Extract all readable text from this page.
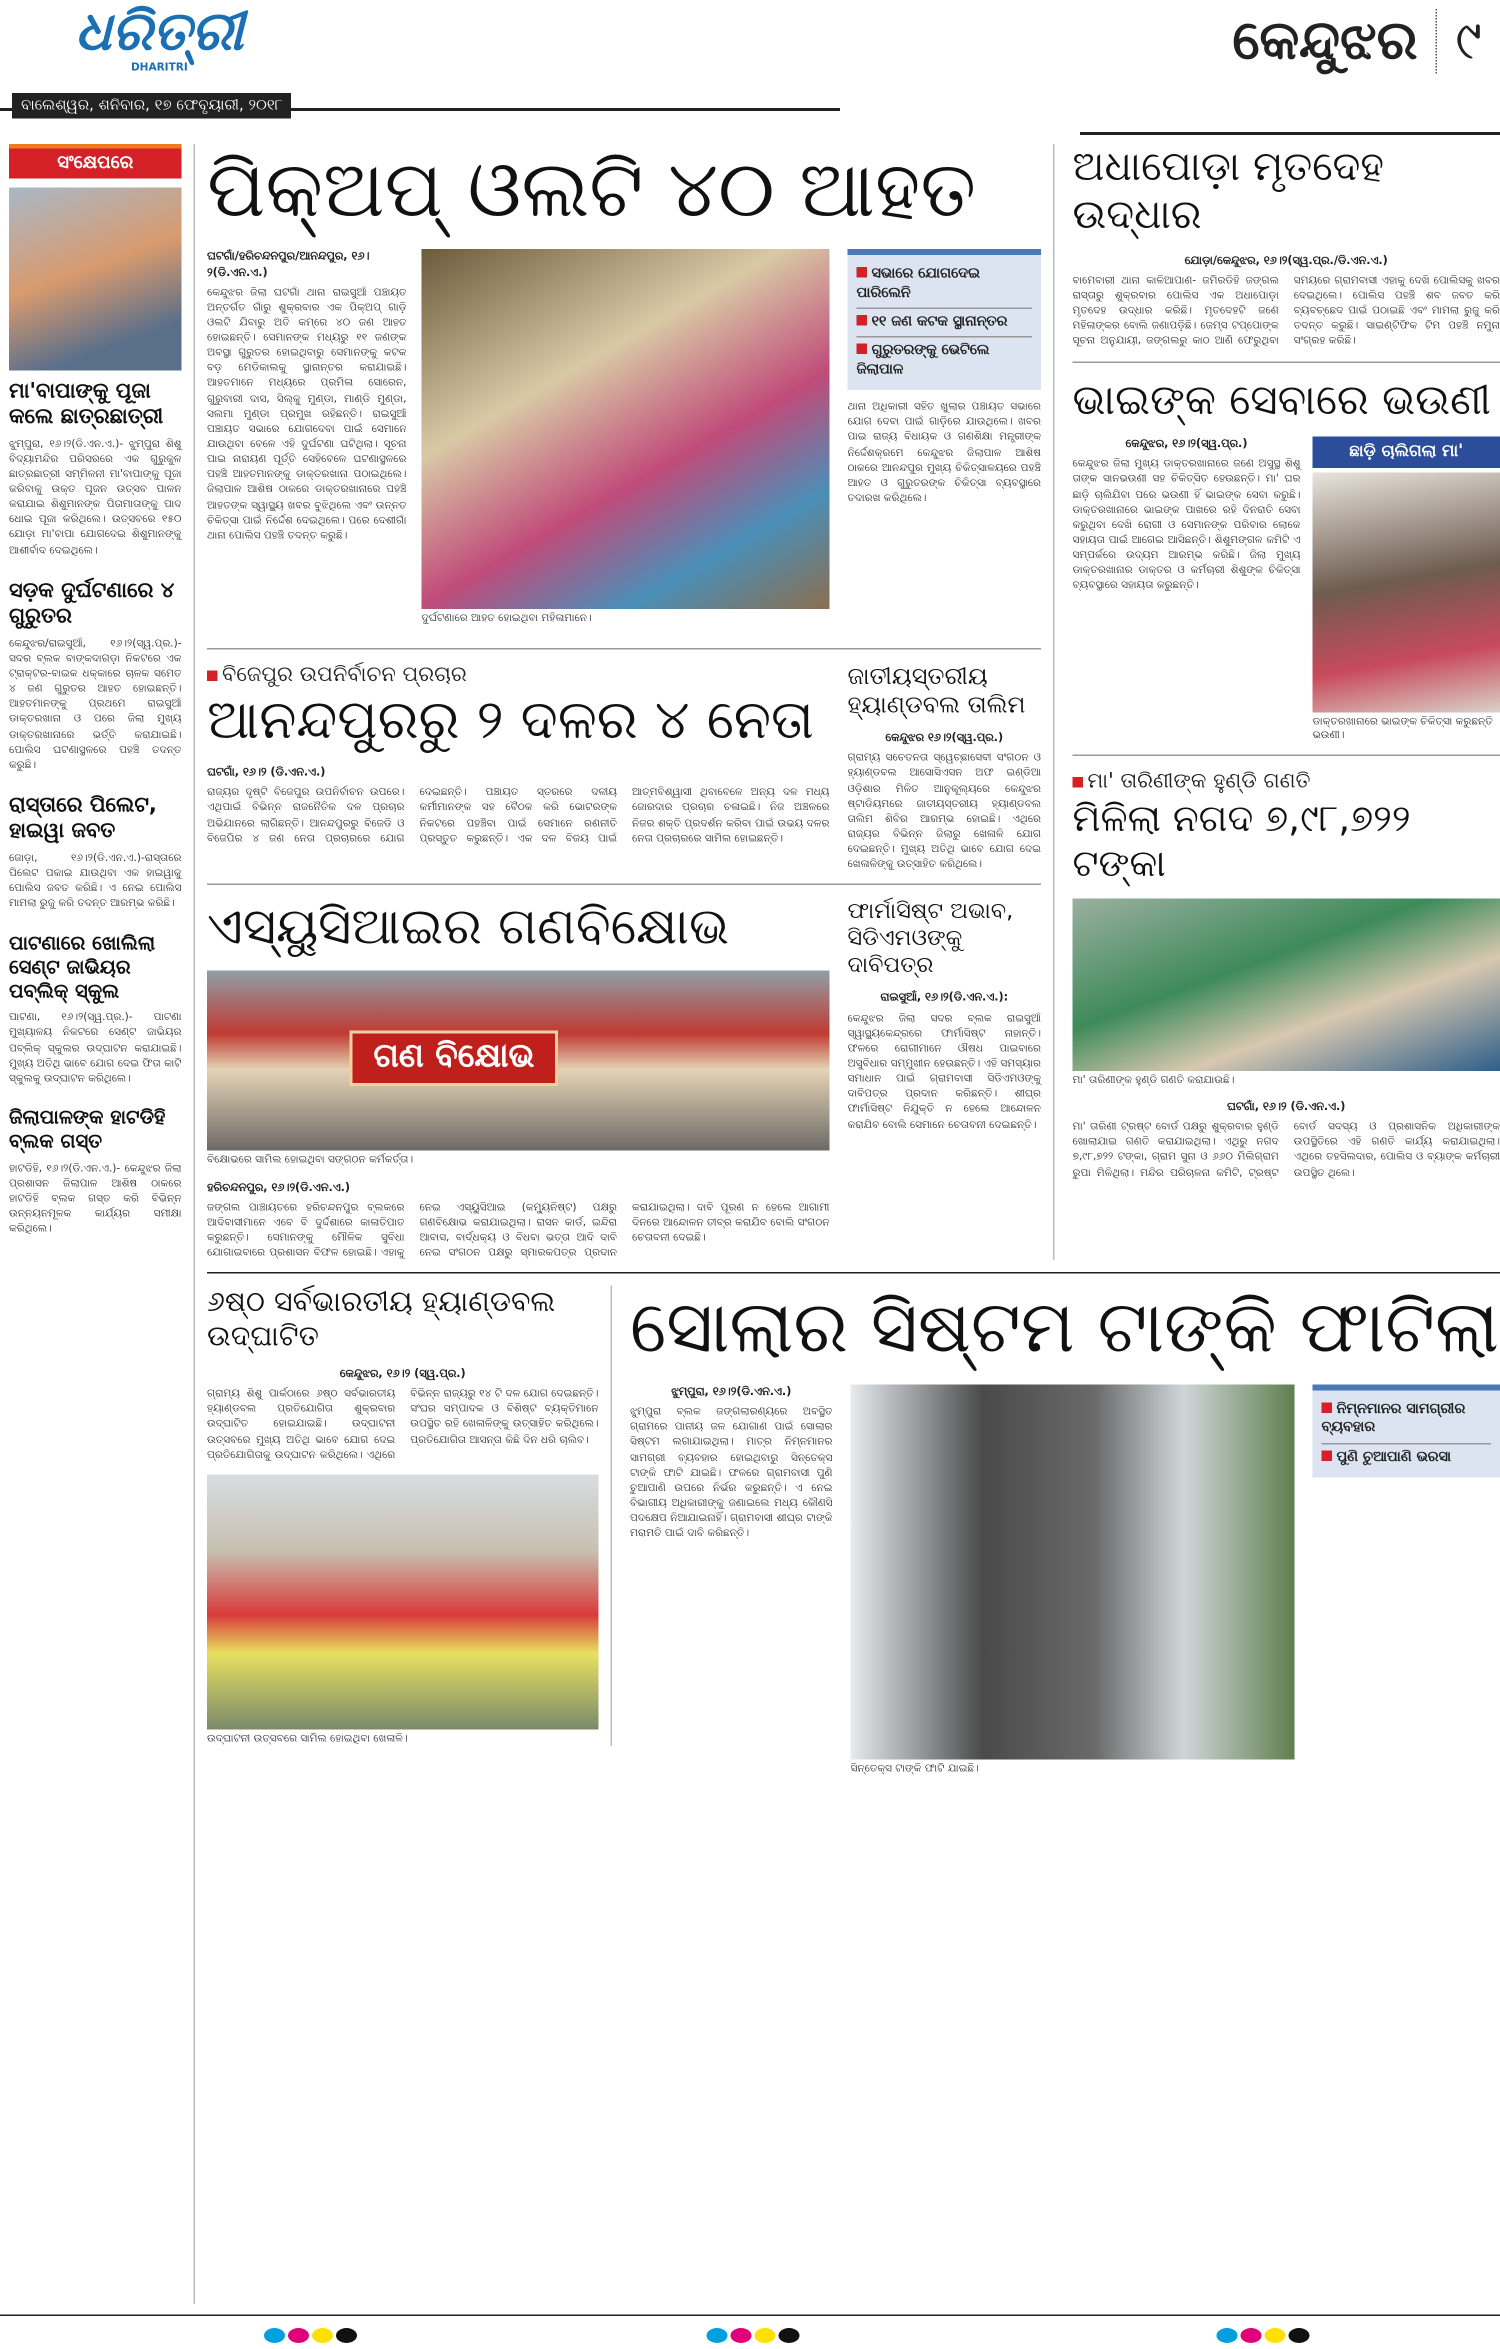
ଧରିତ୍ରୀ
DHARITRI
ବାଲେଶ୍ୱର, ଶନିବାର, ୧୭ ଫେବୃୟାରୀ, ୨୦୧୮
କେନ୍ଦୁଝର	୯
ସଂକ୍ଷେପରେ
ମା'ବାପାଙ୍କୁ ପୂଜା କଲେ ଛାତ୍ରଛାତ୍ରୀ
ଝୁମ୍ପୁରା, ୧୬।୨(ଡି.ଏନ.ଏ.)- ଝୁମ୍ପୁରା ଶିଶୁ ବିଦ୍ୟାମନ୍ଦିର ପରିସରରେ ଏକ ଗୁରୁକୁଳ ଛାତ୍ରଛାତ୍ରୀ ସମ୍ମିଳନୀ ମା'ବାପାଙ୍କୁ ପୂଜା କରିବାକୁ ଉକ୍ତ ପୂଜନ ଉତ୍ସବ ପାଳନ କରାଯାଇ ଶିଶୁମାନଙ୍କ ପିତାମାତାଙ୍କୁ ପାଦ ଧୋଇ ପୂଜା କରିଥିଲେ। ଉତ୍ସବରେ ୧୫୦ ଯୋଡ଼ା ମା'ବାପା ଯୋଗଦେଇ ଶିଶୁମାନଙ୍କୁ ଆଶୀର୍ବାଦ ଦେଇଥିଲେ।
ସଡ଼କ ଦୁର୍ଘଟଣାରେ ୪ ଗୁରୁତର
କେନ୍ଦୁଝର/ରାଇସୁଆଁ, ୧୬।୨(ସ୍ୱ.ପ୍ର.)- ସଦର ବ୍ଲକ ବାଙ୍କଦାଗଡ଼ା ନିକଟରେ ଏକ ଟ୍ରାକ୍ଟର-ବାଇକ ଧକ୍କାରେ ଚାଳକ ସମେତ ୪ ଜଣ ଗୁରୁତର ଆହତ ହୋଇଛନ୍ତି। ଆହତମାନଙ୍କୁ ପ୍ରଥମେ ରାଇସୁଆଁ ଡାକ୍ତରଖାନା ଓ ପରେ ଜିଲା ମୁଖ୍ୟ ଡାକ୍ତରଖାନାରେ ଭର୍ତ୍ତି କରାଯାଇଛି। ପୋଲିସ ଘଟଣାସ୍ଥଳରେ ପହଞ୍ଚି ତଦନ୍ତ କରୁଛି।
ରାସ୍ତାରେ ପିଲେଟ, ହାଇୱା ଜବତ
ଜୋଡ଼ା, ୧୬।୨(ଡି.ଏନ.ଏ.)-ରାସ୍ତାରେ ପିଲେଟ ପକାଇ ଯାଉଥିବା ଏକ ହାଇୱାକୁ ପୋଲିସ ଜବତ କରିଛି। ଏ ନେଇ ପୋଲିସ ମାମଲା ରୁଜୁ କରି ତଦନ୍ତ ଆରମ୍ଭ କରିଛି।
ପାଟଣାରେ ଖୋଲିଲା ସେଣ୍ଟ ଜାଭିୟର ପବ୍ଲିକ୍ ସ୍କୁଲ
ପାଟଣା, ୧୬।୨(ସ୍ୱ.ପ୍ର.)- ପାଟଣା ମୁଖ୍ୟାଳୟ ନିକଟରେ ସେଣ୍ଟ ଜାଭିୟର ପବ୍ଲିକ୍ ସ୍କୁଲର ଉଦ୍‌ଘାଟନ କରାଯାଇଛି। ମୁଖ୍ୟ ଅତିଥି ଭାବେ ଯୋଗ ଦେଇ ଫିତା କାଟି ସ୍କୁଲକୁ ଉଦ୍‌ଘାଟନ କରିଥିଲେ।
ଜିଲାପାଳଙ୍କ ହାଟଡିହି ବ୍ଲକ ଗସ୍ତ
ହାଟଡିହି, ୧୬।୨(ଡି.ଏନ.ଏ.)- କେନ୍ଦୁଝର ଜିଲା ପ୍ରଶାସନ ଜିଲାପାଳ ଆଶିଷ ଠାକରେ ହାଟଡିହି ବ୍ଲକ ଗସ୍ତ କରି ବିଭିନ୍ନ ଉନ୍ନୟନମୂଳକ କାର୍ଯ୍ୟର ସମୀକ୍ଷା କରିଥିଲେ।
ପିକ୍‌ଅପ୍ ଓଲଟି ୪୦ ଆହତ
ଦୁର୍ଘଟଣାରେ ଆହତ ହୋଇଥିବା ମହିଳାମାନେ।
ଘଟଗାଁ/ହରିଚନ୍ଦନପୁର/ଆନନ୍ଦପୁର, ୧୬।୨(ଡି.ଏନ.ଏ.)
କେନ୍ଦୁଝର ଜିଲା ଘଟଗାଁ ଥାନା ରାଇସୁଆଁ ପଞ୍ଚାୟତ ଅନ୍ତର୍ଗତ ଗାଁରୁ ଶୁକ୍ରବାର ଏକ ପିକ୍‌ଅପ୍ ଗାଡ଼ି ଓଲଟି ଯିବାରୁ ଅତି କମ୍‌ରେ ୪୦ ଜଣ ଆହତ ହୋଇଛନ୍ତି। ସେମାନଙ୍କ ମଧ୍ୟରୁ ୧୧ ଜଣଙ୍କ ଅବସ୍ଥା ଗୁରୁତର ହୋଇଥିବାରୁ ସେମାନଙ୍କୁ କଟକ ବଡ଼ ମେଡିକାଲକୁ ସ୍ଥାନାନ୍ତର କରାଯାଇଛି। ଆହତମାନେ ମଧ୍ୟରେ ପ୍ରମିଳା ସୋରେନ, ଗୁରୁବାରୀ ଦାସ, ସିଲ୍କୁ ମୁଣ୍ଡା, ମାଣ୍ଡି ମୁଣ୍ଡା, ସଲମା ମୁଣ୍ଡା ପ୍ରମୁଖ ରହିଛନ୍ତି। ରାଇସୁଆଁ ପଞ୍ଚାୟତ ସଭାରେ ଯୋଗଦେବା ପାଇଁ ସେମାନେ ଯାଉଥିବା ବେଳେ ଏହି ଦୁର୍ଘଟଣା ଘଟିଥିଲା। ସୂଚନା ପାଇ ନାରାୟଣ ପୂର୍ତ୍ତି ସେହିବେଳେ ଘଟଣାସ୍ଥଳରେ ପହଞ୍ଚି ଆହତମାନଙ୍କୁ ଡାକ୍ତରଖାନା ପଠାଇଥିଲେ। ଜିଲାପାଳ ଆଶିଷ ଠାକରେ ଡାକ୍ତରଖାନାରେ ପହଞ୍ଚି ଆହତଙ୍କ ସ୍ୱାସ୍ଥ୍ୟ ଖବର ବୁଝିଥିଲେ ଏବଂ ଉନ୍ନତ ଚିକିତ୍ସା ପାଇଁ ନିର୍ଦ୍ଦେଶ ଦେଇଥିଲେ। ପରେ ଦେଶୀଗାଁ ଥାନା ପୋଲିସ ପହଞ୍ଚି ତଦନ୍ତ କରୁଛି।
ସଭାରେ ଯୋଗଦେଇ ପାରିଲେନି
୧୧ ଜଣ କଟକ ସ୍ଥାନାନ୍ତର
ଗୁରୁତରଙ୍କୁ ଭେଟିଲେ ଜିଲାପାଳ
ଥାନା ଅଧିକାରୀ ସହିତ ଖୁଲାର ପଞ୍ଚାୟତ ସଭାରେ ଯୋଗ ଦେବା ପାଇଁ ଗାଡ଼ିରେ ଯାଉଥିଲେ। ଖବର ପାଇ ରାଜ୍ୟ ବିଧାୟକ ଓ ଗଣଶିକ୍ଷା ମନ୍ତ୍ରୀଙ୍କ ନିର୍ଦ୍ଦେଶକ୍ରମେ କେନ୍ଦୁଝର ଜିଲାପାଳ ଆଶିଷ ଠାକରେ ଆନନ୍ଦପୁର ମୁଖ୍ୟ ଚିକିତ୍ସାଳୟରେ ପହଞ୍ଚି ଆହତ ଓ ଗୁରୁତରଙ୍କ ଚିକିତ୍ସା ବ୍ୟବସ୍ଥାରେ ତଦାରଖ କରିଥିଲେ।
ବିଜେପୁର ଉପନିର୍ବାଚନ ପ୍ରଚାର
ଆନନ୍ଦପୁରରୁ ୨ ଦଳର ୪ ନେତା
ଘଟଗାଁ, ୧୬।୨ (ଡି.ଏନ.ଏ.)
ରାଜ୍ୟର ଦୃଷ୍ଟି ବିଜେପୁର ଉପନିର୍ବାଚନ ଉପରେ। ଏଥିପାଇଁ ବିଭିନ୍ନ ରାଜନୈତିକ ଦଳ ପ୍ରଚାର ଅଭିଯାନରେ ଲାଗିଛନ୍ତି। ଆନନ୍ଦପୁରରୁ ବିଜେଡି ଓ ବିଜେପିର ୪ ଜଣ ନେତା ପ୍ରଚାରରେ ଯୋଗ ଦେଇଛନ୍ତି। ପଞ୍ଚାୟତ ସ୍ତରରେ ଦଳୀୟ କର୍ମୀମାନଙ୍କ ସହ ବୈଠକ କରି ଭୋଟରଙ୍କ ନିକଟରେ ପହଞ୍ଚିବା ପାଇଁ ସେମାନେ ରଣନୀତି ପ୍ରସ୍ତୁତ କରୁଛନ୍ତି। ଏକ ଦଳ ବିଜୟ ପାଇଁ ଆତ୍ମବିଶ୍ୱାସୀ ଥିବାବେଳେ ଅନ୍ୟ ଦଳ ମଧ୍ୟ ଜୋରଦାର ପ୍ରଚାର ଚଳାଇଛି। ନିଜ ଅଞ୍ଚଳରେ ନିଜର ଶକ୍ତି ପ୍ରଦର୍ଶନ କରିବା ପାଇଁ ଉଭୟ ଦଳର ନେତା ପ୍ରଚାରରେ ସାମିଲ ହୋଇଛନ୍ତି।
ଜାତୀୟସ୍ତରୀୟ ହ୍ୟାଣ୍ଡବଲ ତାଲିମ
କେନ୍ଦୁଝର ୧୬।୨(ସ୍ୱ.ପ୍ର.)
ଗ୍ରାମ୍ୟ ସଚେତନତା ସ୍ୱେଚ୍ଛାସେବୀ ସଂଗଠନ ଓ ହ୍ୟାଣ୍ଡବଲ ଆସୋସିଏସନ ଅଫ ଇଣ୍ଡିଆ ଓଡ଼ିଶାର ମିଳିତ ଆନୁକୂଲ୍ୟରେ କେନ୍ଦୁଝର ଷ୍ଟାଡିୟମରେ ଜାତୀୟସ୍ତରୀୟ ହ୍ୟାଣ୍ଡବଲ ତାଲିମ ଶିବିର ଆରମ୍ଭ ହୋଇଛି। ଏଥିରେ ରାଜ୍ୟର ବିଭିନ୍ନ ଜିଲାରୁ ଖେଳାଳି ଯୋଗ ଦେଇଛନ୍ତି। ମୁଖ୍ୟ ଅତିଥି ଭାବେ ଯୋଗ ଦେଇ ଖେଳାଳିଙ୍କୁ ଉତ୍ସାହିତ କରିଥିଲେ।
ଏସ୍‌ୟୁସିଆଇର ଗଣବିକ୍ଷୋଭ
ଗଣ ବିକ୍ଷୋଭ
ବିକ୍ଷୋଭରେ ସାମିଲ ହୋଇଥିବା ସଙ୍ଗଠନ କର୍ମକର୍ତ୍ତା।
ହରିଚନ୍ଦନପୁର, ୧୬।୨(ଡି.ଏନ.ଏ.)
ଜଙ୍ଗଲ ପାଞ୍ଚାୟତରେ ହରିଚନ୍ଦନପୁର ବ୍ଲକରେ ଆଦିବାସୀମାନେ ଏବେ ବି ଦୁର୍ଦ୍ଦଶାରେ କାଳାତିପାତ କରୁଛନ୍ତି। ସେମାନଙ୍କୁ ମୌଳିକ ସୁବିଧା ଯୋଗାଇବାରେ ପ୍ରଶାସନ ବିଫଳ ହୋଇଛି। ଏହାକୁ ନେଇ ଏସ୍‌ୟୁସିଆଇ (କମ୍ୟୁନିଷ୍ଟ) ପକ୍ଷରୁ ଗଣବିକ୍ଷୋଭ କରାଯାଇଥିଲା। ରାସନ କାର୍ଡ, ଇନ୍ଦିରା ଆବାସ, ବାର୍ଦ୍ଧକ୍ୟ ଓ ବିଧବା ଭତ୍ତା ଆଦି ଦାବି ନେଇ ସଂଗଠନ ପକ୍ଷରୁ ସ୍ମାରକପତ୍ର ପ୍ରଦାନ କରାଯାଇଥିଲା। ଦାବି ପୂରଣ ନ ହେଲେ ଆଗାମୀ ଦିନରେ ଆନ୍ଦୋଳନ ତୀବ୍ର କରାଯିବ ବୋଲି ସଂଗଠନ ଚେତାବନୀ ଦେଇଛି।
ଫାର୍ମାସିଷ୍ଟ ଅଭାବ, ସିଡିଏମଓଙ୍କୁ ଦାବିପତ୍ର
ରାଇସୁଆଁ, ୧୬।୨(ଡି.ଏନ.ଏ.):
କେନ୍ଦୁଝର ଜିଲା ସଦର ବ୍ଲକ ରାଇସୁଆଁ ସ୍ୱାସ୍ଥ୍ୟକେନ୍ଦ୍ରରେ ଫାର୍ମାସିଷ୍ଟ ନାହାନ୍ତି। ଫଳରେ ରୋଗୀମାନେ ଔଷଧ ପାଇବାରେ ଅସୁବିଧାର ସମ୍ମୁଖୀନ ହେଉଛନ୍ତି। ଏହି ସମସ୍ୟାର ସମାଧାନ ପାଇଁ ଗ୍ରାମବାସୀ ସିଡିଏମଓଙ୍କୁ ଦାବିପତ୍ର ପ୍ରଦାନ କରିଛନ୍ତି। ଶୀଘ୍ର ଫାର୍ମାସିଷ୍ଟ ନିଯୁକ୍ତି ନ ହେଲେ ଆନ୍ଦୋଳନ କରାଯିବ ବୋଲି ସେମାନେ ଚେତାବନୀ ଦେଇଛନ୍ତି।
ଅଧାପୋଡ଼ା ମୃତଦେହ ଉଦ୍ଧାର
ଯୋଡ଼ା/କେନ୍ଦୁଝର, ୧୬।୨(ସ୍ୱ.ପ୍ର./ଡି.ଏନ.ଏ.)
ବାମେବାରୀ ଥାନା କାଳିଆପାଣ- ଜମିରଡିହି ଜଙ୍ଗଲ ରାସ୍ତାରୁ ଶୁକ୍ରବାର ପୋଲିସ ଏକ ଅଧାପୋଡ଼ା ମୃତଦେହ ଉଦ୍ଧାର କରିଛି। ମୃତଦେହଟି ଜଣେ ମହିଳାଙ୍କର ବୋଲି ଜଣାପଡ଼ିଛି। ଜେମ୍ସ ଟପ୍ପୋଙ୍କ ସୂଚନା ଅନୁଯାୟୀ, ଜଙ୍ଗଲରୁ କାଠ ଆଣି ଫେରୁଥିବା ସମୟରେ ଗ୍ରାମବାସୀ ଏହାକୁ ଦେଖି ପୋଲିସକୁ ଖବର ଦେଇଥିଲେ। ପୋଲିସ ପହଞ୍ଚି ଶବ ଜବତ କରି ବ୍ୟବଚ୍ଛେଦ ପାଇଁ ପଠାଇଛି ଏବଂ ମାମଲା ରୁଜୁ କରି ତଦନ୍ତ କରୁଛି। ସାଇଣ୍ଟିଫିକ ଟିମ ପହଞ୍ଚି ନମୁନା ସଂଗ୍ରହ କରିଛି।
ଭାଇଙ୍କ ସେବାରେ ଭଉଣୀ
କେନ୍ଦୁଝର, ୧୬।୨(ସ୍ୱ.ପ୍ର.)
କେନ୍ଦୁଝର ଜିଲା ମୁଖ୍ୟ ଡାକ୍ତରଖାନାରେ ଜଣେ ଅସୁସ୍ଥ ଶିଶୁ ତାଙ୍କ ସାନଭଉଣୀ ସହ ଚିକିତ୍ସିତ ହେଉଛନ୍ତି। ମା' ଘର ଛାଡ଼ି ଚାଲିଯିବା ପରେ ଭଉଣୀ ହିଁ ଭାଇଙ୍କ ସେବା କରୁଛି। ଡାକ୍ତରଖାନାରେ ଭାଇଙ୍କ ପାଖରେ ରହି ଦିନରାତି ସେବା କରୁଥିବା ଦେଖି ରୋଗୀ ଓ ସେମାନଙ୍କ ପରିବାର ଲୋକେ ସହାୟତା ପାଇଁ ଆଗେଇ ଆସିଛନ୍ତି। ଶିଶୁମଙ୍ଗଳ କମିଟି ଏ ସମ୍ପର୍କରେ ଉଦ୍ୟମ ଆରମ୍ଭ କରିଛି। ଜିଲା ମୁଖ୍ୟ ଡାକ୍ତରଖାନାର ଡାକ୍ତର ଓ କର୍ମଚାରୀ ଶିଶୁଙ୍କ ଚିକିତ୍ସା ବ୍ୟବସ୍ଥାରେ ସହାୟତା କରୁଛନ୍ତି।
ଛାଡ଼ି ଚାଲିଗଲା ମା'
ଡାକ୍ତରଖାନାରେ ଭାଇଙ୍କ ଚିକିତ୍ସା କରୁଛନ୍ତି ଭଉଣୀ।
ମା' ତାରିଣୀଙ୍କ ହୁଣ୍ଡି ଗଣତି
ମିଳିଲା ନଗଦ ୭,୯୮,୭୨୨ ଟଙ୍କା
ମା' ତାରିଣୀଙ୍କ ହୁଣ୍ଡି ଗଣତି କରାଯାଉଛି।
ଘଟଗାଁ, ୧୬।୨ (ଡି.ଏନ.ଏ.)
ମା' ତାରିଣୀ ଟ୍ରଷ୍ଟ ବୋର୍ଡ ପକ୍ଷରୁ ଶୁକ୍ରବାର ହୁଣ୍ଡି ଖୋଲାଯାଇ ଗଣତି କରାଯାଇଥିଲା। ଏଥିରୁ ନଗଦ ୭,୯୮,୭୨୨ ଟଙ୍କା, ଗ୍ରାମ ସୁନା ଓ ୬୬୦ ମିଲିଗ୍ରାମ ରୁପା ମିଳିଥିଲା। ମନ୍ଦିର ପରିଚାଳନା କମିଟି, ଟ୍ରଷ୍ଟ ବୋର୍ଡ ସଦସ୍ୟ ଓ ପ୍ରଶାସନିକ ଅଧିକାରୀଙ୍କ ଉପସ୍ଥିତିରେ ଏହି ଗଣତି କାର୍ଯ୍ୟ କରାଯାଇଥିଲା। ଏଥିରେ ତହସିଲଦାର, ପୋଲିସ ଓ ବ୍ୟାଙ୍କ କର୍ମଚାରୀ ଉପସ୍ଥିତ ଥିଲେ।
୬ଷ୍ଠ ସର୍ବଭାରତୀୟ ହ୍ୟାଣ୍ଡବଲ ଉଦ୍‌ଘାଟିତ
କେନ୍ଦୁଝର, ୧୬।୨ (ସ୍ୱ.ପ୍ର.)
ଗ୍ରାମ୍ୟ ଶିଶୁ ପାର୍କଠାରେ ୬ଷ୍ଠ ସର୍ବଭାରତୀୟ ହ୍ୟାଣ୍ଡବଲ ପ୍ରତିଯୋଗିତା ଶୁକ୍ରବାର ଉଦ୍‌ଘାଟିତ ହୋଇଯାଇଛି। ଉଦ୍‌ଘାଟନୀ ଉତ୍ସବରେ ମୁଖ୍ୟ ଅତିଥି ଭାବେ ଯୋଗ ଦେଇ ପ୍ରତିଯୋଗିତାକୁ ଉଦ୍‌ଘାଟନ କରିଥିଲେ। ଏଥିରେ ବିଭିନ୍ନ ରାଜ୍ୟରୁ ୧୪ ଟି ଦଳ ଯୋଗ ଦେଇଛନ୍ତି। ସଂଘର ସମ୍ପାଦକ ଓ ବିଶିଷ୍ଟ ବ୍ୟକ୍ତିମାନେ ଉପସ୍ଥିତ ରହି ଖେଳାଳିଙ୍କୁ ଉତ୍ସାହିତ କରିଥିଲେ। ପ୍ରତିଯୋଗିତା ଆସନ୍ତା କିଛି ଦିନ ଧରି ଚାଲିବ।
ଉଦ୍‌ଘାଟନୀ ଉତ୍ସବରେ ସାମିଲ ହୋଇଥିବା ଖେଳାଳି।
ସୋଲାର ସିଷ୍ଟମ ଟାଙ୍କି ଫାଟିଲା
ଝୁମ୍ପୁରା, ୧୬।୨(ଡି.ଏନ.ଏ.)
ଝୁମ୍ପୁରା ବ୍ଲକ ଜଙ୍ଗଲାରଣ୍ୟରେ ଅବସ୍ଥିତ ଗ୍ରାମରେ ପାନୀୟ ଜଳ ଯୋଗାଣ ପାଇଁ ସୋଲାର ସିଷ୍ଟମ ଲଗାଯାଇଥିଲା। ମାତ୍ର ନିମ୍ନମାନର ସାମଗ୍ରୀ ବ୍ୟବହାର ହୋଇଥିବାରୁ ସିନ୍ତେକ୍ସ ଟାଙ୍କି ଫାଟି ଯାଇଛି। ଫଳରେ ଗ୍ରାମବାସୀ ପୁଣି ଚୁଆପାଣି ଉପରେ ନିର୍ଭର କରୁଛନ୍ତି। ଏ ନେଇ ବିଭାଗୀୟ ଅଧିକାରୀଙ୍କୁ ଜଣାଇଲେ ମଧ୍ୟ କୌଣସି ପଦକ୍ଷେପ ନିଆଯାଇନାହିଁ। ଗ୍ରାମବାସୀ ଶୀଘ୍ର ଟାଙ୍କି ମରାମତି ପାଇଁ ଦାବି କରିଛନ୍ତି।
ସିନ୍ତେକ୍ସ ଟାଙ୍କି ଫାଟି ଯାଇଛି।
ନିମ୍ନମାନର ସାମଗ୍ରୀର ବ୍ୟବହାର
ପୁଣି ଚୁଆପାଣି ଭରସା
